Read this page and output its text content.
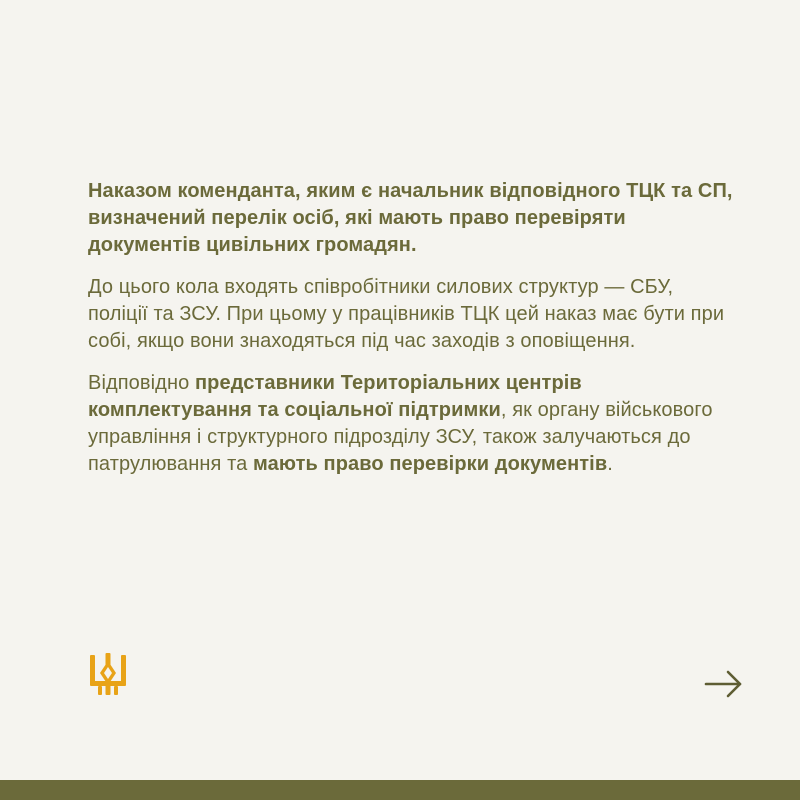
Наказом коменданта, яким є начальник відповідного ТЦК та СП, визначений перелік осіб, які мають право перевіряти документів цивільних громадян.

До цього кола входять співробітники силових структур — СБУ, поліції та ЗСУ. При цьому у працівників ТЦК цей наказ має бути при собі, якщо вони знаходяться під час заходів з оповіщення.

Відповідно представники Територіальних центрів комплектування та соціальної підтримки, як органу військового управління і структурного підрозділу ЗСУ, також залучаються до патрулювання та мають право перевірки документів.
